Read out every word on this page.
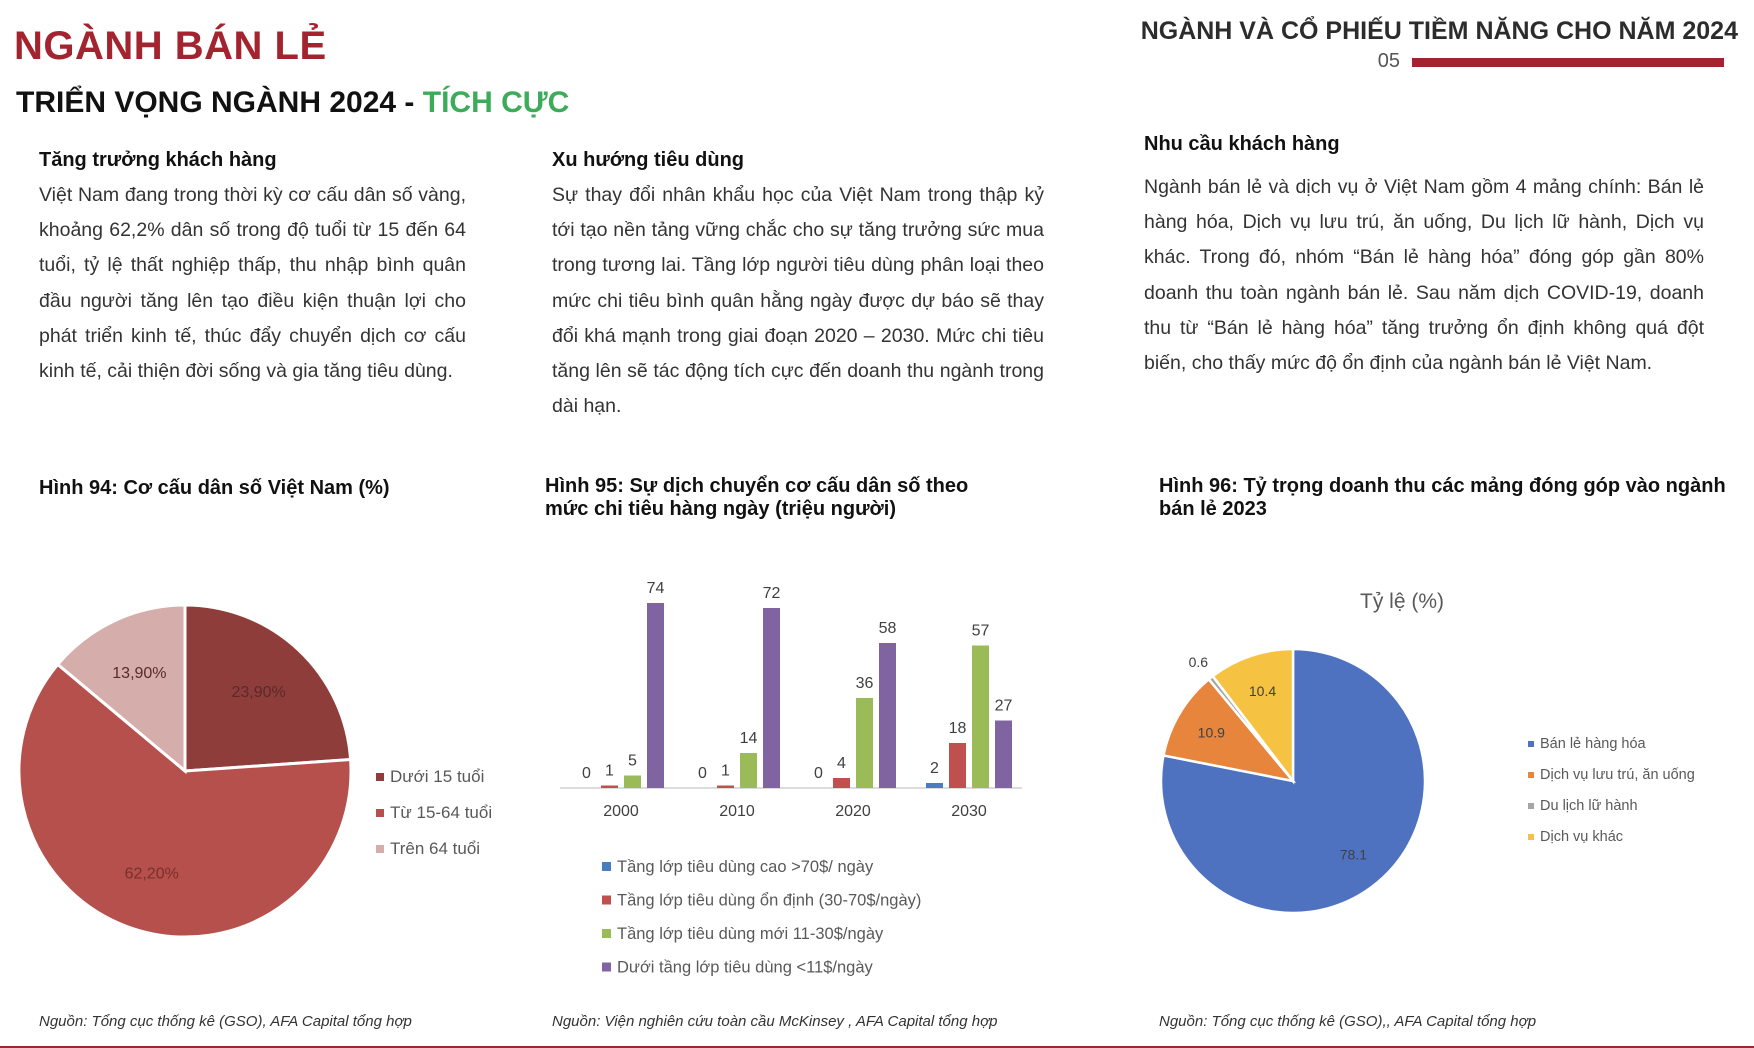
NGÀNH BÁN LẺ
TRIỂN VỌNG NGÀNH 2024 - TÍCH CỰC
NGÀNH VÀ CỔ PHIẾU TIỀM NĂNG CHO NĂM 2024
05
Tăng trưởng khách hàng
Việt Nam đang trong thời kỳ cơ cấu dân số vàng, khoảng 62,2% dân số trong độ tuổi từ 15 đến 64 tuổi, tỷ lệ thất nghiệp thấp, thu nhập bình quân đầu người tăng lên tạo điều kiện thuận lợi cho phát triển kinh tế, thúc đẩy chuyển dịch cơ cấu kinh tế, cải thiện đời sống và gia tăng tiêu dùng.
Xu hướng tiêu dùng
Sự thay đổi nhân khẩu học của Việt Nam trong thập kỷ tới tạo nền tảng vững chắc cho sự tăng trưởng sức mua trong tương lai. Tầng lớp người tiêu dùng phân loại theo mức chi tiêu bình quân hằng ngày được dự báo sẽ thay đổi khá mạnh trong giai đoạn 2020 – 2030. Mức chi tiêu tăng lên sẽ tác động tích cực đến doanh thu ngành trong dài hạn.
Nhu cầu khách hàng
Ngành bán lẻ và dịch vụ ở Việt Nam gồm 4 mảng chính: Bán lẻ hàng hóa, Dịch vụ lưu trú, ăn uống, Du lịch lữ hành, Dịch vụ khác. Trong đó, nhóm “Bán lẻ hàng hóa” đóng góp gần 80% doanh thu toàn ngành bán lẻ. Sau năm dịch COVID-19, doanh thu từ “Bán lẻ hàng hóa” tăng trưởng ổn định không quá đột biến, cho thấy mức độ ổn định của ngành bán lẻ Việt Nam.
Hình 94: Cơ cấu dân số Việt Nam (%)	Hình 95: Sự dịch chuyển cơ cấu dân số theo mức chi tiêu hàng ngày (triệu người)
Hình 96: Tỷ trọng doanh thu các mảng đóng góp vào ngành bán lẻ 2023
23,90%
62,20%
13,90%
Dưới 15 tuổi
Từ 15-64 tuổi
Trên 64 tuổi
0 1
5
74
2000
0 1
14
72
2010
0
4
36
58
2020
2
18
57
27
2030
Tầng lớp tiêu dùng cao >70$/ ngày
Tầng lớp tiêu dùng ổn định (30-70$/ngày)
Tầng lớp tiêu dùng mới 11-30$/ngày
Dưới tầng lớp tiêu dùng <11$/ngày
Tỷ lệ (%)
78.1
10.9
0.6
10.4
Bán lẻ hàng hóa
Dịch vụ lưu trú, ăn uống
Du lịch lữ hành
Dịch vụ khác
Nguồn: Tổng cục thống kê (GSO), AFA Capital tổng hợp	Nguồn: Viện nghiên cứu toàn cầu McKinsey , AFA Capital tổng hợp	Nguồn: Tổng cục thống kê (GSO),, AFA Capital tổng hợp
